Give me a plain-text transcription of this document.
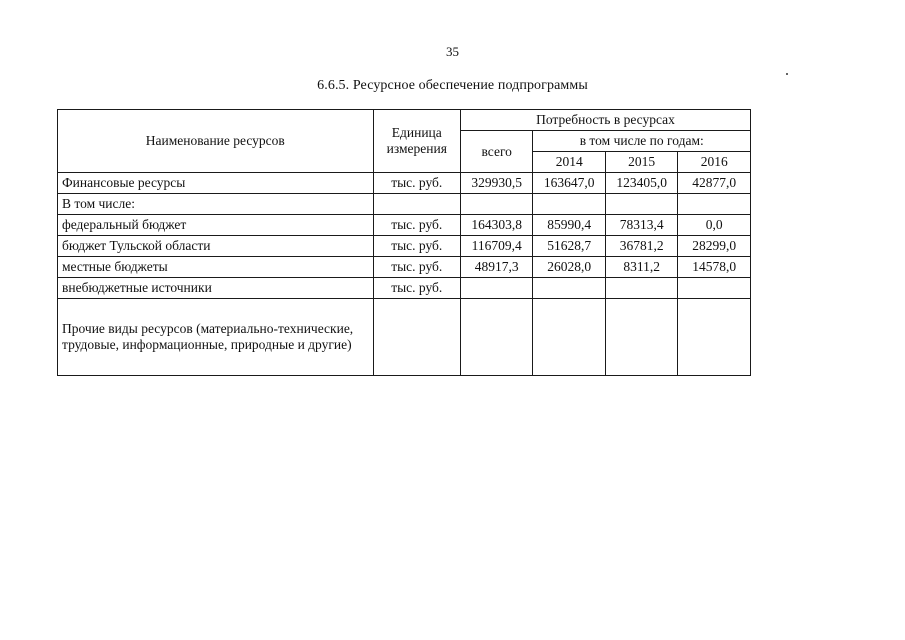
35
6.6.5. Ресурсное обеспечение подпрограммы
Наименование ресурсов	Единица измерения	Потребность в ресурсах			
		всего	в том числе по годам:		
			2014	2015	2016
Финансовые ресурсы	тыс. руб.	329930,5	163647,0	123405,0	42877,0
В том числе:					
федеральный бюджет	тыс. руб.	164303,8	85990,4	78313,4	0,0
бюджет Тульской области	тыс. руб.	116709,4	51628,7	36781,2	28299,0
местные бюджеты	тыс. руб.	48917,3	26028,0	8311,2	14578,0
внебюджетные источники	тыс. руб.				
Прочие виды ресурсов (материально-технические, трудовые, информационные, природные и другие)					
